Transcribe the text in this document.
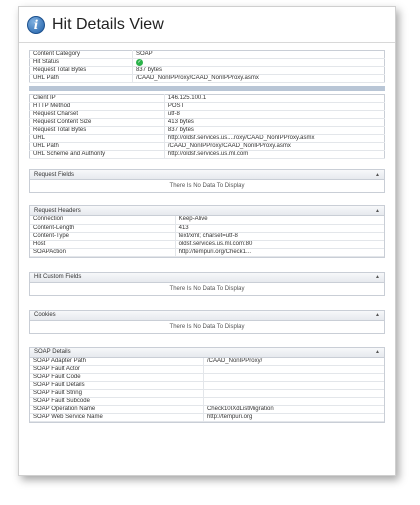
i Hit Details View
Content Category	SOAP
Hit Status	✓
Request Total Bytes	837 bytes
URL Path	/CAAD_NonIPProxy/CAAD_NonIPProxy.asmx
Client IP	146.125.100.1
HTTP Method	POST
Request Charset	utf-8
Request Content Size	413 bytes
Request Total Bytes	837 bytes
URL	http://oldsf.services.us....roxy/CAAD_NonIPProxy.asmx
URL Path	/CAAD_NonIPProxy/CAAD_NonIPProxy.asmx
URL Scheme and Authority	http://oldsf.services.us.ml.com
Request Fields	▲
There Is No Data To Display
Request Headers	▲
Connection	Keep-Alive
Content-Length	413
Content-Type	text/xml; charset=utf-8
Host	oldsf.services.us.ml.com:80
SOAPAction	http://tempuri.org/Check1...
Hit Custom Fields	▲
There Is No Data To Display
Cookies	▲
There Is No Data To Display
SOAP Details	▲
SOAP Adapter Path	/CAAD_NonIPProxy/
SOAP Fault Actor	
SOAP Fault Code	
SOAP Fault Details	
SOAP Fault String	
SOAP Fault Subcode	
SOAP Operation Name	Check10IXdListMigration
SOAP Web Service Name	http://tempuri.org
